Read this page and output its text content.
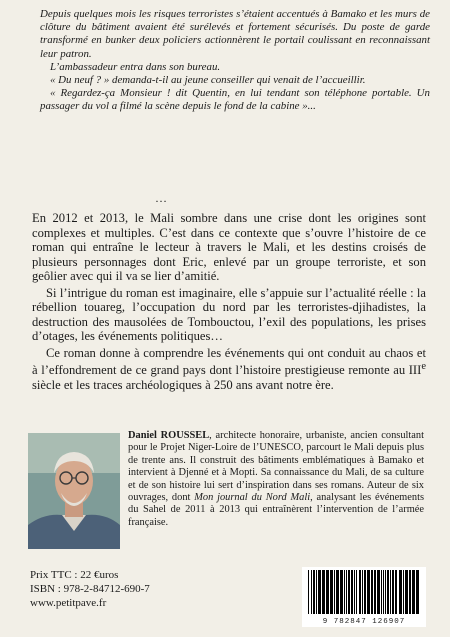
Depuis quelques mois les risques terroristes s’étaient accentués à Bamako et les murs de clôture du bâtiment avaient été surélevés et fortement sécurisés. Du poste de garde transformé en bunker deux policiers actionnèrent le portail coulissant en reconnaissant leur patron.

L’ambassadeur entra dans son bureau.

« Du neuf ? » demanda-t-il au jeune conseiller qui venait de l’accueillir.

« Regardez-ça Monsieur ! dit Quentin, en lui tendant son téléphone portable. Un passager du vol a filmé la scène depuis le fond de la cabine »...

…

En 2012 et 2013, le Mali sombre dans une crise dont les origines sont complexes et multiples. C’est dans ce contexte que s’ouvre l’histoire de ce roman qui entraîne le lecteur à travers le Mali, et les destins croisés de plusieurs personnages dont Eric, enlevé par un groupe terroriste, et son geôlier avec qui il va se lier d’amitié.

Si l’intrigue du roman est imaginaire, elle s’appuie sur l’actualité réelle : la rébellion touareg, l’occupation du nord par les terroristes-djihadistes, la destruction des mausolées de Tombouctou, l’exil des populations, les prises d’otages, les événements politiques…

Ce roman donne à comprendre les événements qui ont conduit au chaos et à l’effondrement de ce grand pays dont l’histoire prestigieuse remonte au IIIe siècle et les traces archéologiques à 250 ans avant notre ère.

Daniel ROUSSEL, architecte honoraire, urbaniste, ancien consultant pour le Projet Niger-Loire de l’UNESCO, parcourt le Mali depuis plus de trente ans. Il construit des bâtiments emblématiques à Bamako et intervient à Djenné et à Mopti. Sa connaissance du Mali, de sa culture et de son histoire lui sert d’inspiration dans ses romans. Auteur de six ouvrages, dont Mon journal du Nord Mali, analysant les événements du Sahel de 2011 à 2013 qui entraînèrent l’intervention de l’armée française.
Prix TTC : 22 €uros
ISBN : 978-2-84712-690-7
www.petitpave.fr
9 782847 126907
